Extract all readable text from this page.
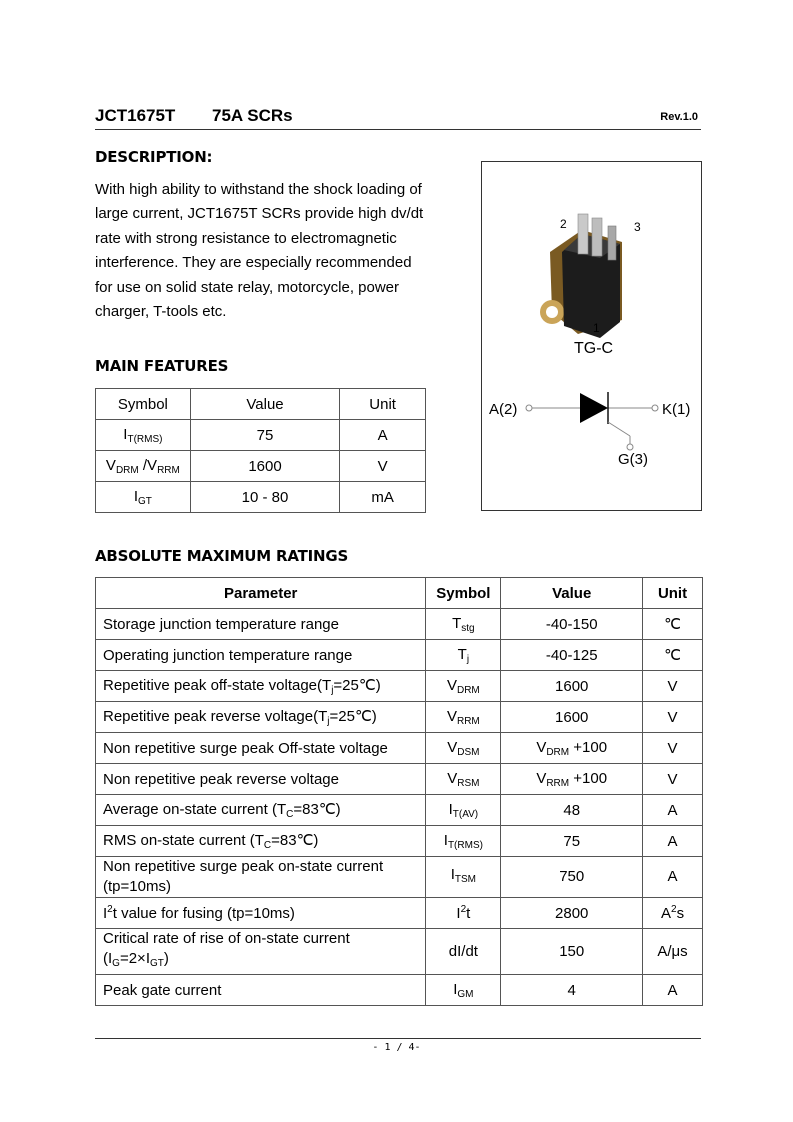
JCT1675T 75A SCRs	Rev.1.0
DESCRIPTION:
With high ability to withstand the shock loading of
large current, JCT1675T SCRs provide high dv/dt
rate with strong resistance to electromagnetic
interference. They are especially recommended
for use on solid state relay, motorcycle, power
charger, T-tools etc.
MAIN FEATURES
Symbol	Value	Unit
$I_{T(RMS)}$	75	A
$V_{DRM}$ $/V_{RRM}$	1600	V
$I_{GT}$	10 - 80	mA
2	3
1
TG-C
A(2)	K(1)
G(3)
ABSOLUTE MAXIMUM RATINGS
Parameter	Symbol	Value	Unit
Storage junction temperature range	$T_{stg}$	-40-150	℃
Operating junction temperature range	$T_j$	-40-125	℃
Repetitive peak off-state $voltage(T_j=25℃)$	$V_{DRM}$	1600	V
Repetitive peak reverse $voltage(T_j=25℃)$	$V_{RRM}$	1600	V
Non repetitive surge peak Off-state voltage	$V_{DSM}$	$V_{DRM} +100$	V
Non repetitive peak reverse voltage	$V_{RSM}$	$V_{RRM} +100$	V
Average on-state current $(T_C=83℃)$	$I_{T(AV)}$	48	A
RMS on-state current $(T_C=83℃)$	$I_{T(RMS)}$	75	A

Non repetitive surge peak on-state current
(tp=10ms)	$I_{TSM}$	750	A
$I^2t$ value for fusing (tp=10ms)	$I^2t$	2800	$A^2s$

Critical rate of rise of on-state current
$(I_G=2\times I_{GT})$	dI/dt	150	A/μs
Peak gate current	$I_{GM}$	4	A
- 1 / 4-
